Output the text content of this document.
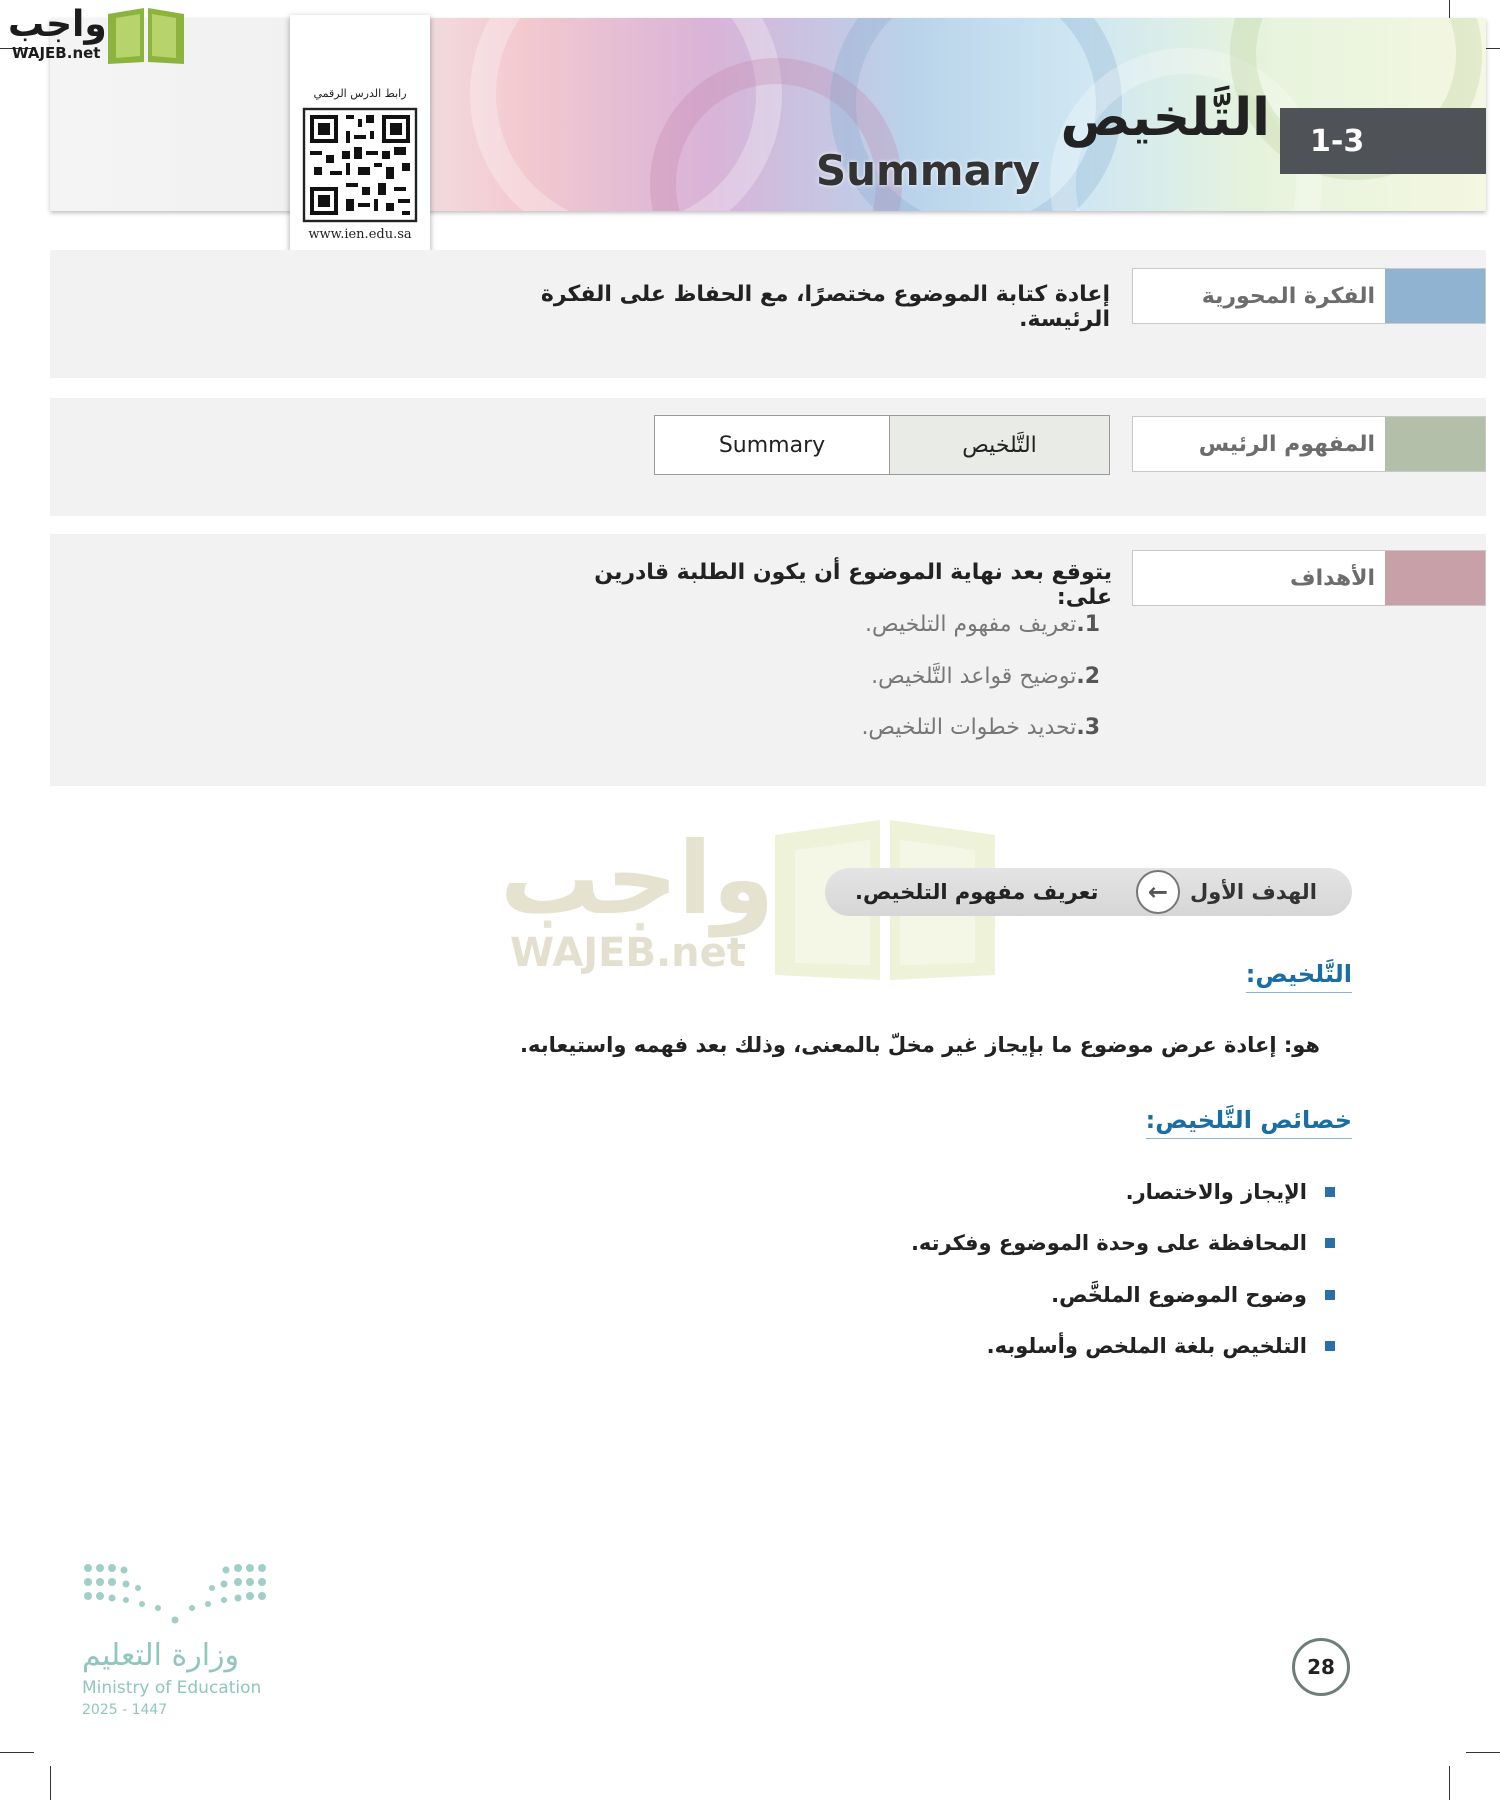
1-3
التَّلخيص
Summary
رابط الدرس الرقمي
www.ien.edu.sa
واجب
WAJEB.net
الفكرة المحورية
إعادة كتابة الموضوع مختصرًا، مع الحفاظ على الفكرة الرئيسة.
المفهوم الرئيس
Summary	التَّلخيص
الأهداف
يتوقع بعد نهاية الموضوع أن يكون الطلبة قادرين على:
1.تعريف مفهوم التلخيص.
2.توضيح قواعد التَّلخيص.
3.تحديد خطوات التلخيص.
واجب
WAJEB.net
الهدف الأول
←
تعريف مفهوم التلخيص.
التَّلخيص:
هو: إعادة عرض موضوع ما بإيجاز غير مخلّ بالمعنى، وذلك بعد فهمه واستيعابه.
خصائص التَّلخيص:
الإيجاز والاختصار.
المحافظة على وحدة الموضوع وفكرته.
وضوح الموضوع الملخَّص.
التلخيص بلغة الملخص وأسلوبه.
وزارة التعليم
Ministry of Education
2025 - 1447
28
